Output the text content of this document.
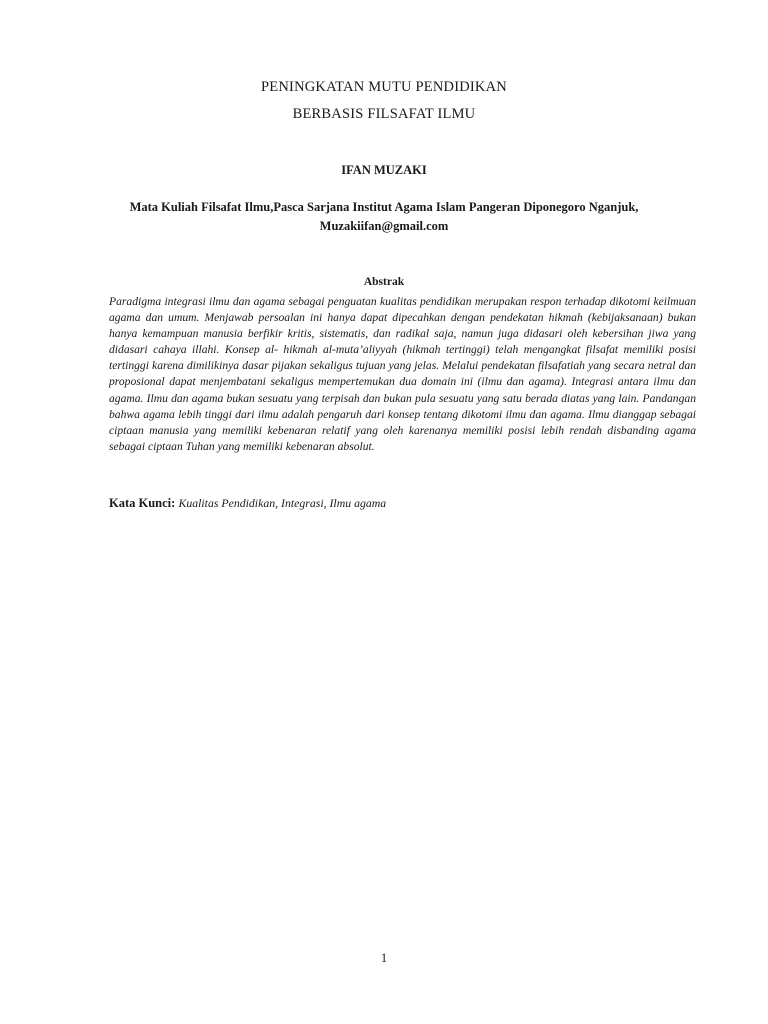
PENINGKATAN MUTU PENDIDIKAN
BERBASIS FILSAFAT ILMU
IFAN MUZAKI
Mata Kuliah Filsafat Ilmu,Pasca Sarjana Institut Agama Islam Pangeran Diponegoro Nganjuk,
Muzakiifan@gmail.com
Abstrak

Paradigma integrasi ilmu dan agama sebagai penguatan kualitas pendidikan merupakan respon terhadap dikotomi keilmuan agama dan umum. Menjawab persoalan ini hanya dapat dipecahkan dengan pendekatan hikmah (kebijaksanaan) bukan hanya kemampuan manusia berfikir kritis, sistematis, dan radikal saja, namun juga didasari oleh kebersihan jiwa yang didasari cahaya illahi. Konsep al- hikmah al-muta’aliyyah (hikmah tertinggi) telah mengangkat filsafat memiliki posisi tertinggi karena dimilikinya dasar pijakan sekaligus tujuan yang jelas. Melalui pendekatan filsafatiah yang secara netral dan proposional dapat menjembatani sekaligus mempertemukan dua domain ini (ilmu dan agama). Integrasi antara ilmu dan agama. Ilmu dan agama bukan sesuatu yang terpisah dan bukan pula sesuatu yang satu berada diatas yang lain. Pandangan bahwa agama lebih tinggi dari ilmu adalah pengaruh dari konsep tentang dikotomi ilmu dan agama. Ilmu dianggap sebagai ciptaan manusia yang memiliki kebenaran relatif yang oleh karenanya memiliki posisi lebih rendah disbanding agama sebagai ciptaan Tuhan yang memiliki kebenaran absolut.

Kata Kunci: Kualitas Pendidikan, Integrasi, Ilmu agama
1
